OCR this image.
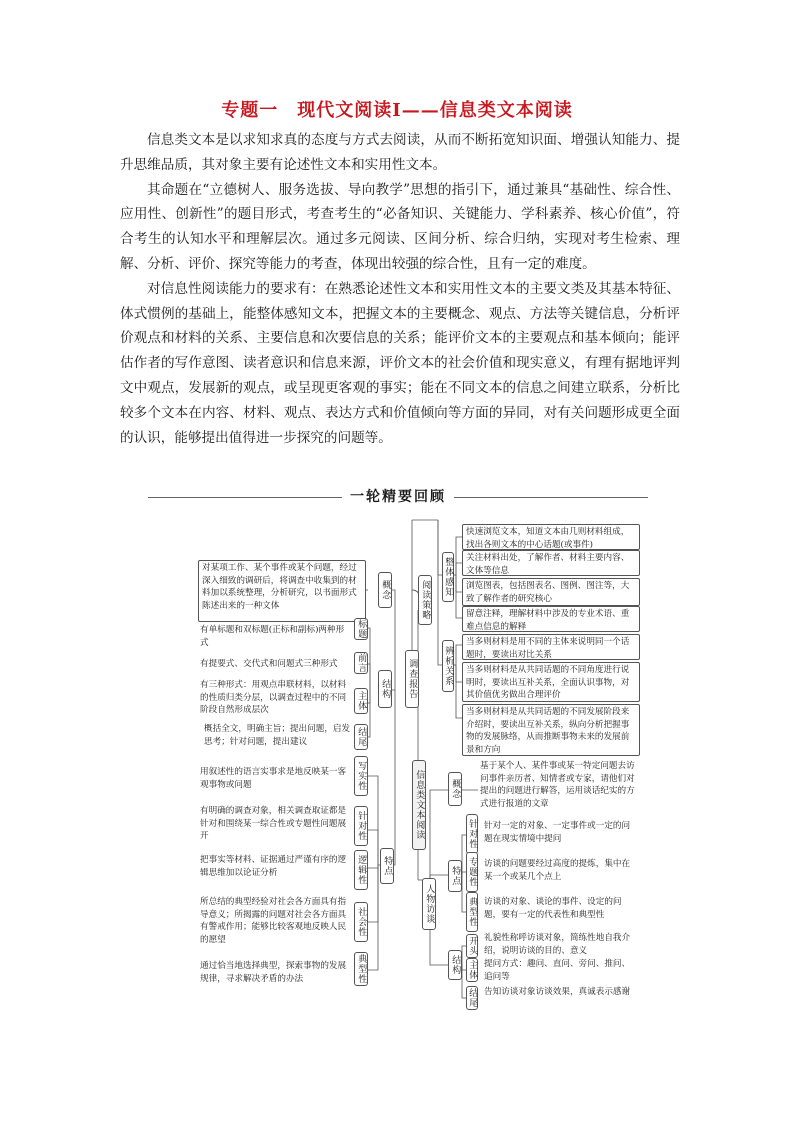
专题一　现代文阅读Ⅰ——信息类文本阅读

信息类文本是以求知求真的态度与方式去阅读，从而不断拓宽知识面、增强认知能力、提升思维品质，其对象主要有论述性文本和实用性文本。

其命题在“立德树人、服务选拔、导向教学”思想的指引下，通过兼具“基础性、综合性、应用性、创新性”的题目形式，考查考生的“必备知识、关键能力、学科素养、核心价值”，符合考生的认知水平和理解层次。通过多元阅读、区间分析、综合归纳，实现对考生检索、理解、分析、评价、探究等能力的考查，体现出较强的综合性，且有一定的难度。

对信息性阅读能力的要求有：在熟悉论述性文本和实用性文本的主要文类及其基本特征、体式惯例的基础上，能整体感知文本，把握文本的主要概念、观点、方法等关键信息，分析评价观点和材料的关系、主要信息和次要信息的关系；能评价文本的主要观点和基本倾向；能评估作者的写作意图、读者意识和信息来源，评价文本的社会价值和现实意义，有理有据地评判文中观点，发展新的观点，或呈现更客观的事实；能在不同文本的信息之间建立联系，分析比较多个文本在内容、材料、观点、表达方式和价值倾向等方面的异同，对有关问题形成更全面的认识，能够提出值得进一步探究的问题等。

一轮精要回顾
信息类文本阅读
调查报告
概念
对某项工作、某个事件或某个问题，经过深入细致的调研后，将调查中收集到的材料加以系统整理，分析研究，以书面形式陈述出来的一种文体
结构
标题
有单标题和双标题(正标和副标)两种形式
前言
有提要式、交代式和问题式三种形式
主体
有三种形式：用观点串联材料，以材料的性质归类分层，以调查过程中的不同阶段自然形成层次
结尾
概括全文，明确主旨；提出问题，启发思考；针对问题，提出建议
特点
写实性
用叙述性的语言实事求是地反映某一客观事物或问题
针对性
有明确的调查对象，相关调查取证都是针对和围绕某一综合性或专题性问题展开
逻辑性
把事实等材料、证据通过严谨有序的逻辑思维加以论证分析
社会性
所总结的典型经验对社会各方面具有指导意义；所揭露的问题对社会各方面具有警戒作用；能够比较客观地反映人民的愿望
典型性
通过恰当地选择典型，探索事物的发展规律，寻求解决矛盾的办法
阅读策略
整体感知
快速浏览文本，知道文本由几则材料组成，找出各则文本的中心话题(或事件)
关注材料出处，了解作者、材料主要内容、文体等信息
浏览图表，包括图表名、图例、图注等，大致了解作者的研究核心
留意注释，理解材料中涉及的专业术语、重难点信息的解释
辨析关系
当多则材料是用不同的主体来说明同一个话题时，要读出对比关系
当多则材料是从共同话题的不同角度进行说明时，要读出互补关系，全面认识事物，对其价值优劣做出合理评价
当多则材料是从共同话题的不同发展阶段来介绍时，要读出互补关系，纵向分析把握事物的发展脉络，从而推断事物未来的发展前景和方向
人物访谈
概念
基于某个人、某件事或某一特定问题去访问事件亲历者、知情者或专家，请他们对提出的问题进行解答，运用谈话纪实的方式进行报道的文章
特点
针对性 针对一定的对象、一定事件或一定的问题在现实情境中提问
专题性 访谈的问题要经过高度的提炼，集中在某一个或某几个点上
典型性 访谈的对象、谈论的事件、设定的问题，要有一定的代表性和典型性
结构
开头 礼貌性称呼访谈对象，简练性地自我介绍，说明访谈的目的、意义
主体 提问方式：趣问、直问、旁问、推问、追问等
结尾 告知访谈对象访谈效果，真诚表示感谢
